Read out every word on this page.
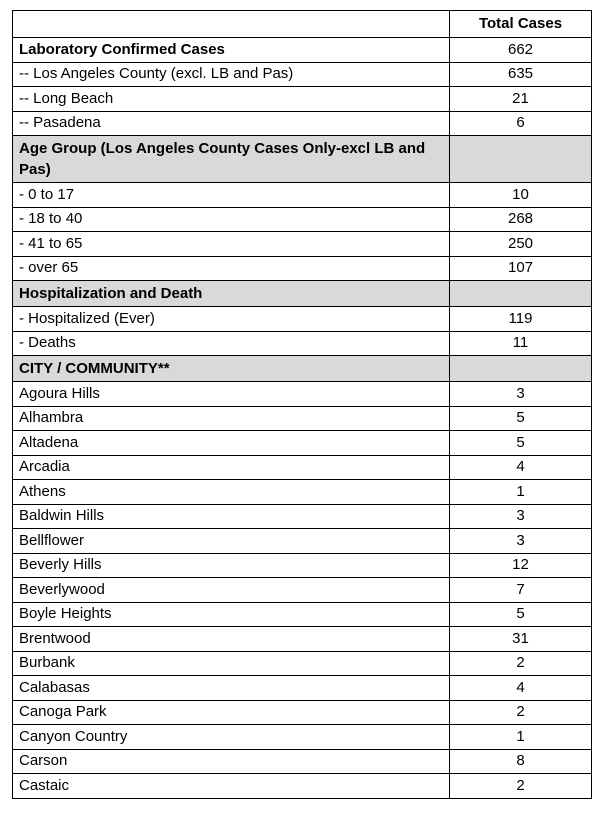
	Total Cases
Laboratory Confirmed Cases	662
-- Los Angeles County (excl. LB and Pas)	635
-- Long Beach	21
-- Pasadena	6
Age Group (Los Angeles County Cases Only-excl LB and Pas)	
- 0 to 17	10
- 18 to 40	268
- 41 to 65	250
- over 65	107
Hospitalization and Death	
- Hospitalized (Ever)	119
- Deaths	11
CITY / COMMUNITY**	
Agoura Hills	3
Alhambra	5
Altadena	5
Arcadia	4
Athens	1
Baldwin Hills	3
Bellflower	3
Beverly Hills	12
Beverlywood	7
Boyle Heights	5
Brentwood	31
Burbank	2
Calabasas	4
Canoga Park	2
Canyon Country	1
Carson	8
Castaic	2
